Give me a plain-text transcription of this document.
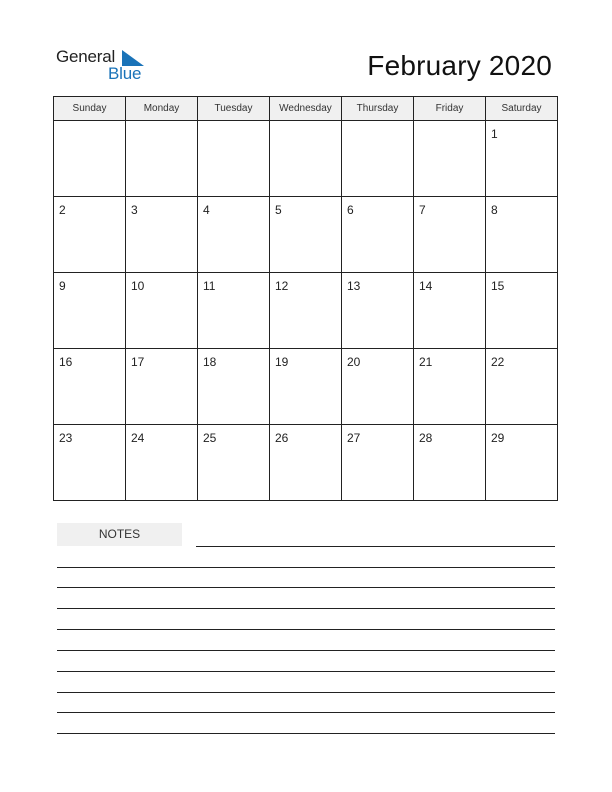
General
Blue	February 2020
Sunday	Monday	Tuesday	Wednesday	Thursday	Friday	Saturday
						1
2	3	4	5	6	7	8
9	10	11	12	13	14	15
16	17	18	19	20	21	22
23	24	25	26	27	28	29
NOTES
